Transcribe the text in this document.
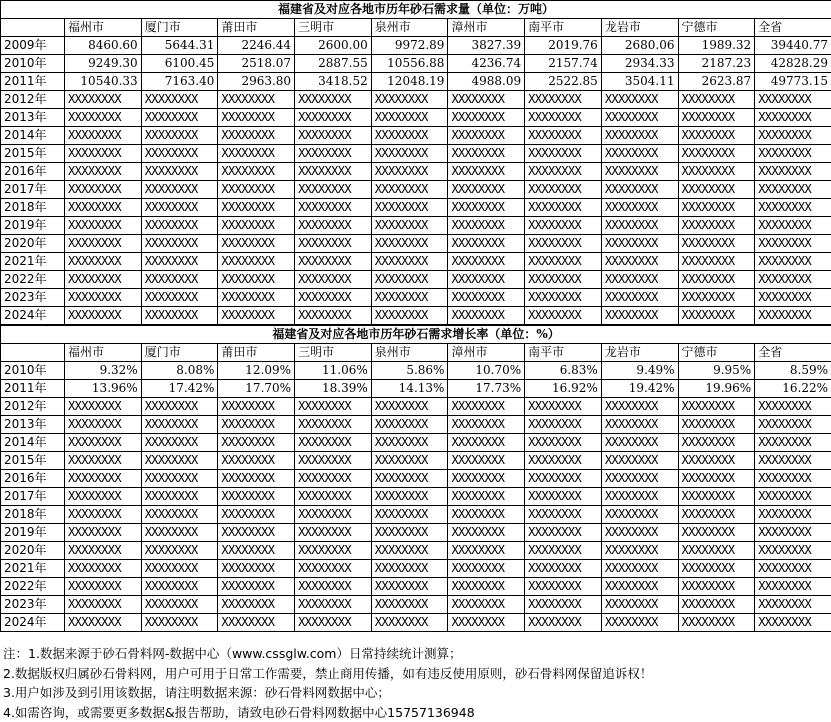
福建省及对应各地市历年砂石需求量（单位：万吨）										
	福州市	厦门市	莆田市	三明市	泉州市	漳州市	南平市	龙岩市	宁德市	全省
2009年	8460.60	5644.31	2246.44	2600.00	9972.89	3827.39	2019.76	2680.06	1989.32	39440.77
2010年	9249.30	6100.45	2518.07	2887.55	10556.88	4236.74	2157.74	2934.33	2187.23	42828.29
2011年	10540.33	7163.40	2963.80	3418.52	12048.19	4988.09	2522.85	3504.11	2623.87	49773.15
2012年	XXXXXXXX	XXXXXXXX	XXXXXXXX	XXXXXXXX	XXXXXXXX	XXXXXXXX	XXXXXXXX	XXXXXXXX	XXXXXXXX	XXXXXXXX
2013年	XXXXXXXX	XXXXXXXX	XXXXXXXX	XXXXXXXX	XXXXXXXX	XXXXXXXX	XXXXXXXX	XXXXXXXX	XXXXXXXX	XXXXXXXX
2014年	XXXXXXXX	XXXXXXXX	XXXXXXXX	XXXXXXXX	XXXXXXXX	XXXXXXXX	XXXXXXXX	XXXXXXXX	XXXXXXXX	XXXXXXXX
2015年	XXXXXXXX	XXXXXXXX	XXXXXXXX	XXXXXXXX	XXXXXXXX	XXXXXXXX	XXXXXXXX	XXXXXXXX	XXXXXXXX	XXXXXXXX
2016年	XXXXXXXX	XXXXXXXX	XXXXXXXX	XXXXXXXX	XXXXXXXX	XXXXXXXX	XXXXXXXX	XXXXXXXX	XXXXXXXX	XXXXXXXX
2017年	XXXXXXXX	XXXXXXXX	XXXXXXXX	XXXXXXXX	XXXXXXXX	XXXXXXXX	XXXXXXXX	XXXXXXXX	XXXXXXXX	XXXXXXXX
2018年	XXXXXXXX	XXXXXXXX	XXXXXXXX	XXXXXXXX	XXXXXXXX	XXXXXXXX	XXXXXXXX	XXXXXXXX	XXXXXXXX	XXXXXXXX
2019年	XXXXXXXX	XXXXXXXX	XXXXXXXX	XXXXXXXX	XXXXXXXX	XXXXXXXX	XXXXXXXX	XXXXXXXX	XXXXXXXX	XXXXXXXX
2020年	XXXXXXXX	XXXXXXXX	XXXXXXXX	XXXXXXXX	XXXXXXXX	XXXXXXXX	XXXXXXXX	XXXXXXXX	XXXXXXXX	XXXXXXXX
2021年	XXXXXXXX	XXXXXXXX	XXXXXXXX	XXXXXXXX	XXXXXXXX	XXXXXXXX	XXXXXXXX	XXXXXXXX	XXXXXXXX	XXXXXXXX
2022年	XXXXXXXX	XXXXXXXX	XXXXXXXX	XXXXXXXX	XXXXXXXX	XXXXXXXX	XXXXXXXX	XXXXXXXX	XXXXXXXX	XXXXXXXX
2023年	XXXXXXXX	XXXXXXXX	XXXXXXXX	XXXXXXXX	XXXXXXXX	XXXXXXXX	XXXXXXXX	XXXXXXXX	XXXXXXXX	XXXXXXXX
2024年	XXXXXXXX	XXXXXXXX	XXXXXXXX	XXXXXXXX	XXXXXXXX	XXXXXXXX	XXXXXXXX	XXXXXXXX	XXXXXXXX	XXXXXXXX
福建省及对应各地市历年砂石需求增长率（单位：%）										
	福州市	厦门市	莆田市	三明市	泉州市	漳州市	南平市	龙岩市	宁德市	全省
2010年	9.32%	8.08%	12.09%	11.06%	5.86%	10.70%	6.83%	9.49%	9.95%	8.59%
2011年	13.96%	17.42%	17.70%	18.39%	14.13%	17.73%	16.92%	19.42%	19.96%	16.22%
2012年	XXXXXXXX	XXXXXXXX	XXXXXXXX	XXXXXXXX	XXXXXXXX	XXXXXXXX	XXXXXXXX	XXXXXXXX	XXXXXXXX	XXXXXXXX
2013年	XXXXXXXX	XXXXXXXX	XXXXXXXX	XXXXXXXX	XXXXXXXX	XXXXXXXX	XXXXXXXX	XXXXXXXX	XXXXXXXX	XXXXXXXX
2014年	XXXXXXXX	XXXXXXXX	XXXXXXXX	XXXXXXXX	XXXXXXXX	XXXXXXXX	XXXXXXXX	XXXXXXXX	XXXXXXXX	XXXXXXXX
2015年	XXXXXXXX	XXXXXXXX	XXXXXXXX	XXXXXXXX	XXXXXXXX	XXXXXXXX	XXXXXXXX	XXXXXXXX	XXXXXXXX	XXXXXXXX
2016年	XXXXXXXX	XXXXXXXX	XXXXXXXX	XXXXXXXX	XXXXXXXX	XXXXXXXX	XXXXXXXX	XXXXXXXX	XXXXXXXX	XXXXXXXX
2017年	XXXXXXXX	XXXXXXXX	XXXXXXXX	XXXXXXXX	XXXXXXXX	XXXXXXXX	XXXXXXXX	XXXXXXXX	XXXXXXXX	XXXXXXXX
2018年	XXXXXXXX	XXXXXXXX	XXXXXXXX	XXXXXXXX	XXXXXXXX	XXXXXXXX	XXXXXXXX	XXXXXXXX	XXXXXXXX	XXXXXXXX
2019年	XXXXXXXX	XXXXXXXX	XXXXXXXX	XXXXXXXX	XXXXXXXX	XXXXXXXX	XXXXXXXX	XXXXXXXX	XXXXXXXX	XXXXXXXX
2020年	XXXXXXXX	XXXXXXXX	XXXXXXXX	XXXXXXXX	XXXXXXXX	XXXXXXXX	XXXXXXXX	XXXXXXXX	XXXXXXXX	XXXXXXXX
2021年	XXXXXXXX	XXXXXXXX	XXXXXXXX	XXXXXXXX	XXXXXXXX	XXXXXXXX	XXXXXXXX	XXXXXXXX	XXXXXXXX	XXXXXXXX
2022年	XXXXXXXX	XXXXXXXX	XXXXXXXX	XXXXXXXX	XXXXXXXX	XXXXXXXX	XXXXXXXX	XXXXXXXX	XXXXXXXX	XXXXXXXX
2023年	XXXXXXXX	XXXXXXXX	XXXXXXXX	XXXXXXXX	XXXXXXXX	XXXXXXXX	XXXXXXXX	XXXXXXXX	XXXXXXXX	XXXXXXXX
2024年	XXXXXXXX	XXXXXXXX	XXXXXXXX	XXXXXXXX	XXXXXXXX	XXXXXXXX	XXXXXXXX	XXXXXXXX	XXXXXXXX	XXXXXXXX
注：1.数据来源于砂石骨料网-数据中心（www.cssglw.com）日常持续统计测算；
2.数据版权归属砂石骨料网，用户可用于日常工作需要，禁止商用传播，如有违反使用原则，砂石骨料网保留追诉权！
3.用户如涉及到引用该数据，请注明数据来源：砂石骨料网数据中心；
4.如需咨询，或需要更多数据&报告帮助，请致电砂石骨料网数据中心15757136948
